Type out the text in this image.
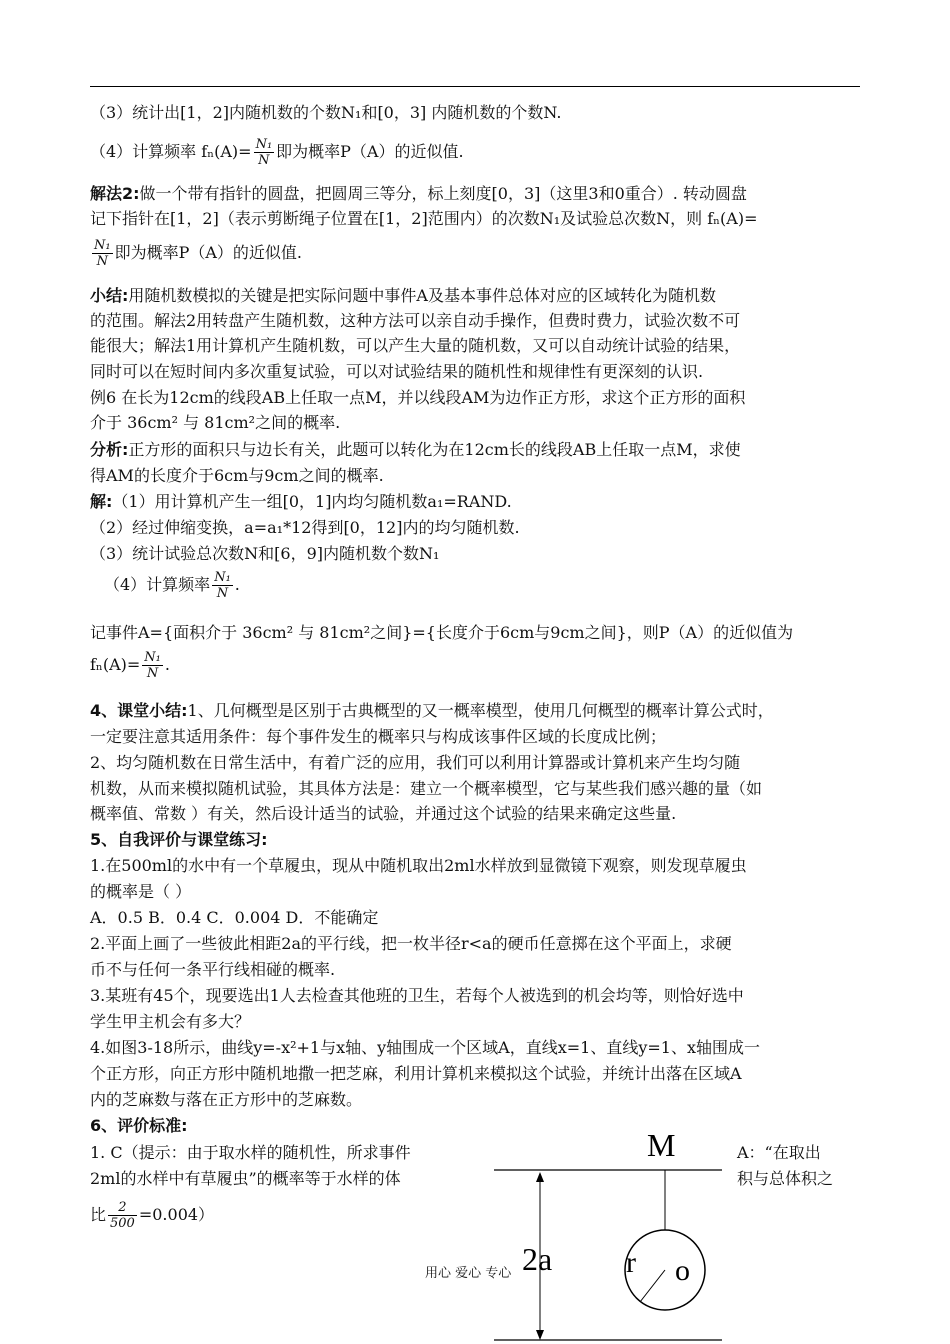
（3）统计出[1，2]内随机数的个数N₁和[0，3] 内随机数的个数N.
（4）计算频率 $f_n(A)= \frac{\text{N₁}}{N}$ 即为概率P（A）的近似值.
解法2:做一个带有指针的圆盘，把圆周三等分，标上刻度[0，3]（这里3和0重合）. 转动圆盘
记下指针在[1，2]（表示剪断绳子位置在[1，2]范围内）的次数N₁及试验总次数N，则 fₙ(A)=
$\frac{\text{N₁}}{N}$ 即为概率P（A）的近似值.
小结:用随机数模拟的关键是把实际问题中事件A及基本事件总体对应的区域转化为随机数
的范围。解法2用转盘产生随机数，这种方法可以亲自动手操作，但费时费力，试验次数不可
能很大；解法1用计算机产生随机数，可以产生大量的随机数，又可以自动统计试验的结果，
同时可以在短时间内多次重复试验，可以对试验结果的随机性和规律性有更深刻的认识.
例6 在长为12cm的线段AB上任取一点M，并以线段AM为边作正方形，求这个正方形的面积
介于 36cm² 与 81cm²之间的概率.
分析:正方形的面积只与边长有关，此题可以转化为在12cm长的线段AB上任取一点M，求使
得AM的长度介于6cm与9cm之间的概率.
解:（1）用计算机产生一组[0，1]内均匀随机数a₁=RAND.
（2）经过伸缩变换，a=a₁*12得到[0，12]内的均匀随机数.
（3）统计试验总次数N和[6，9]内随机数个数N₁
（4）计算频率 $\frac{\text{N₁}}{N}$ .
记事件A={面积介于 36cm² 与 81cm²之间}={长度介于6cm与9cm之间}，则P（A）的近似值为
$f_n(A)= \frac{\text{N₁}}{N}$ .
4、课堂小结:1、几何概型是区别于古典概型的又一概率模型，使用几何概型的概率计算公式时，
一定要注意其适用条件：每个事件发生的概率只与构成该事件区域的长度成比例；
2、均匀随机数在日常生活中，有着广泛的应用，我们可以利用计算器或计算机来产生均匀随
机数，从而来模拟随机试验，其具体方法是：建立一个概率模型，它与某些我们感兴趣的量（如
概率值、常数 ）有关，然后设计适当的试验，并通过这个试验的结果来确定这些量.
5、自我评价与课堂练习:
1.在500ml的水中有一个草履虫，现从中随机取出2ml水样放到显微镜下观察，则发现草履虫
的概率是（ ）
A．0.5 B．0.4 C．0.004 D．不能确定
2.平面上画了一些彼此相距2a的平行线，把一枚半径r<a的硬币任意掷在这个平面上，求硬
币不与任何一条平行线相碰的概率.
3.某班有45个，现要选出1人去检查其他班的卫生，若每个人被选到的机会均等，则恰好选中
学生甲主机会有多大？
4.如图3-18所示，曲线y=-x²+1与x轴、y轴围成一个区域A，直线x=1、直线y=1、x轴围成一
个正方形，向正方形中随机地撒一把芝麻，利用计算机来模拟这个试验，并统计出落在区域A
内的芝麻数与落在正方形中的芝麻数。
6、评价标准:
1. C（提示：由于取水样的随机性，所求事件	A：“在取出
2ml的水样中有草履虫”的概率等于水样的体	积与总体积之
比 $\frac{2}{500} =0.004$）
M
2a r o
用心 爱心 专心
